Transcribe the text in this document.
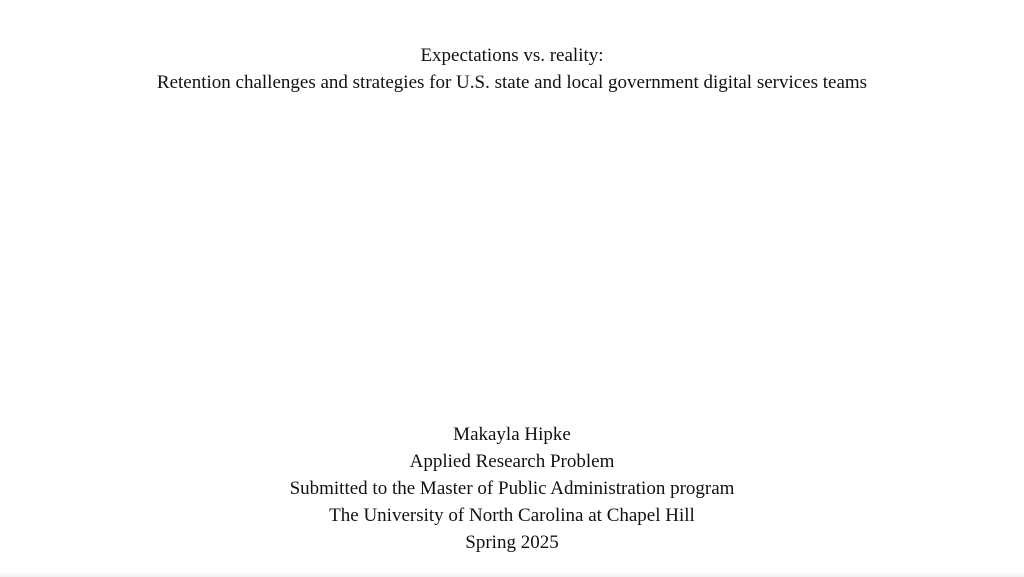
Expectations vs. reality:
Retention challenges and strategies for U.S. state and local government digital services teams
Makayla Hipke
Applied Research Problem
Submitted to the Master of Public Administration program
The University of North Carolina at Chapel Hill
Spring 2025
